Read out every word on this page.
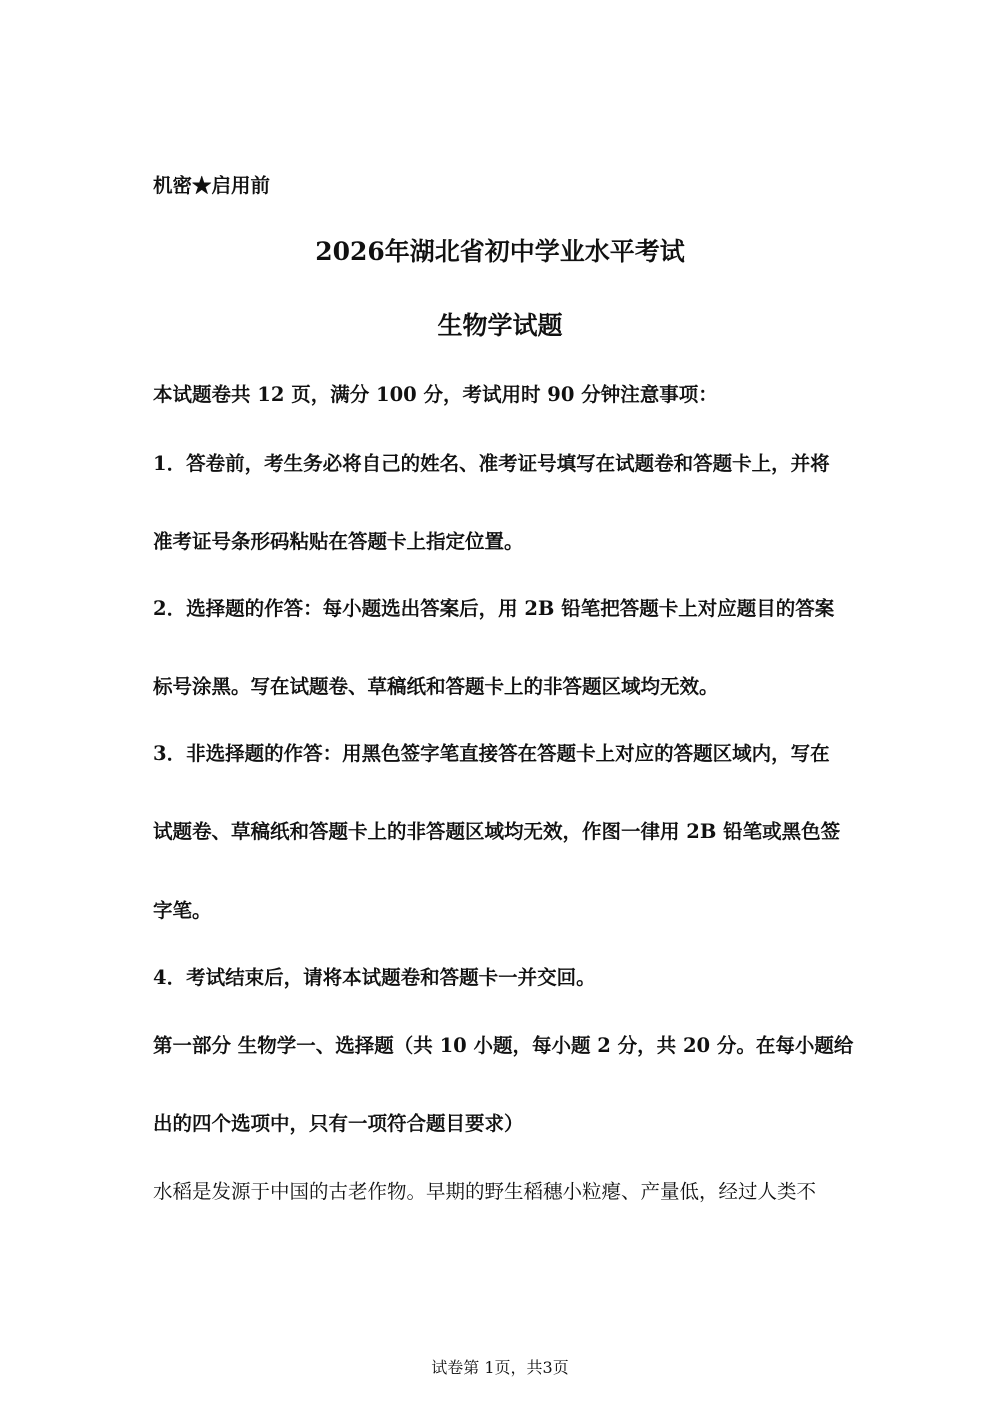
机密★启用前
2026年湖北省初中学业水平考试
生物学试题
本试题卷共 12 页，满分 100 分，考试用时 90 分钟注意事项：
1．答卷前，考生务必将自己的姓名、准考证号填写在试题卷和答题卡上，并将
准考证号条形码粘贴在答题卡上指定位置。
2．选择题的作答：每小题选出答案后，用 2B 铅笔把答题卡上对应题目的答案
标号涂黑。写在试题卷、草稿纸和答题卡上的非答题区域均无效。
3．非选择题的作答：用黑色签字笔直接答在答题卡上对应的答题区域内，写在
试题卷、草稿纸和答题卡上的非答题区域均无效，作图一律用 2B 铅笔或黑色签
字笔。
4．考试结束后，请将本试题卷和答题卡一并交回。
第一部分 生物学一、选择题（共 10 小题，每小题 2 分，共 20 分。在每小题给
出的四个选项中，只有一项符合题目要求）
水稻是发源于中国的古老作物。早期的野生稻穗小粒瘪、产量低，经过人类不
试卷第 1页，共3页
